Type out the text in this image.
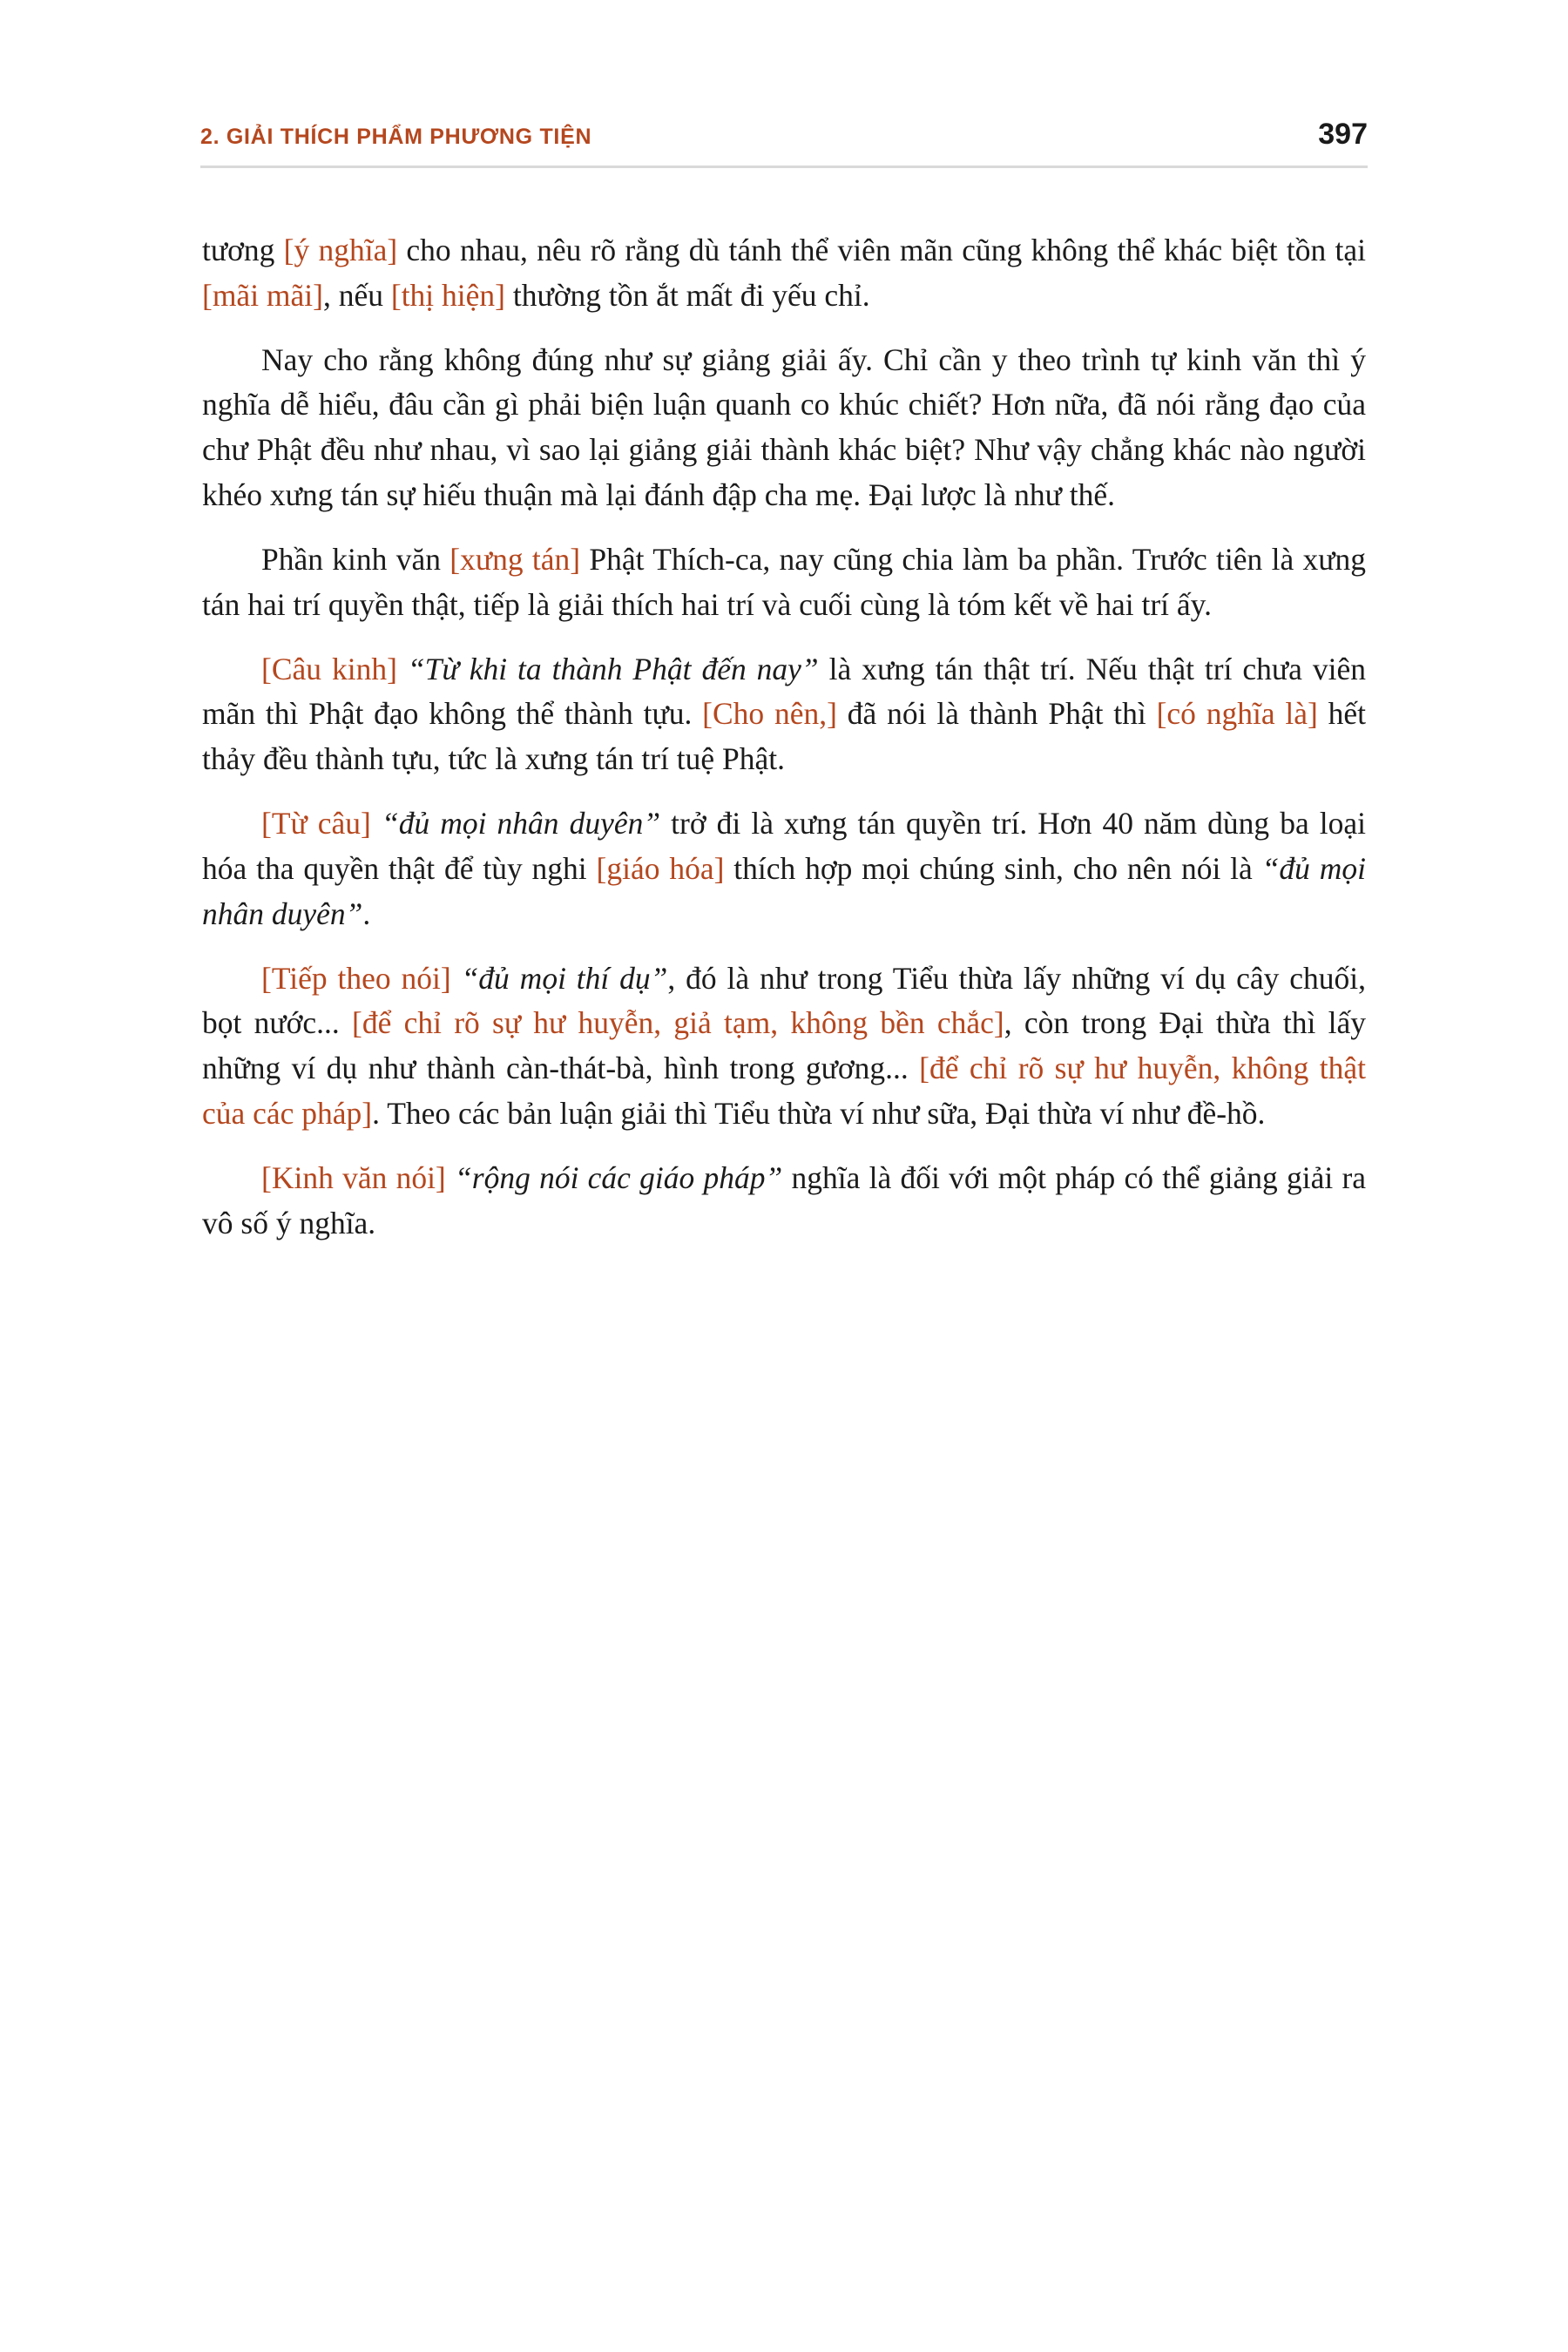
2. GIẢI THÍCH PHẨM PHƯƠNG TIỆN	397

tương [ý nghĩa] cho nhau, nêu rõ rằng dù tánh thể viên mãn cũng không thể khác biệt tồn tại [mãi mãi], nếu [thị hiện] thường tồn ắt mất đi yếu chỉ.

Nay cho rằng không đúng như sự giảng giải ấy. Chỉ cần y theo trình tự kinh văn thì ý nghĩa dễ hiểu, đâu cần gì phải biện luận quanh co khúc chiết? Hơn nữa, đã nói rằng đạo của chư Phật đều như nhau, vì sao lại giảng giải thành khác biệt? Như vậy chẳng khác nào người khéo xưng tán sự hiếu thuận mà lại đánh đập cha mẹ. Đại lược là như thế.

Phần kinh văn [xưng tán] Phật Thích-ca, nay cũng chia làm ba phần. Trước tiên là xưng tán hai trí quyền thật, tiếp là giải thích hai trí và cuối cùng là tóm kết về hai trí ấy.

[Câu kinh] “Từ khi ta thành Phật đến nay” là xưng tán thật trí. Nếu thật trí chưa viên mãn thì Phật đạo không thể thành tựu. [Cho nên,] đã nói là thành Phật thì [có nghĩa là] hết thảy đều thành tựu, tức là xưng tán trí tuệ Phật.

[Từ câu] “đủ mọi nhân duyên” trở đi là xưng tán quyền trí. Hơn 40 năm dùng ba loại hóa tha quyền thật để tùy nghi [giáo hóa] thích hợp mọi chúng sinh, cho nên nói là “đủ mọi nhân duyên”.

[Tiếp theo nói] “đủ mọi thí dụ”, đó là như trong Tiểu thừa lấy những ví dụ cây chuối, bọt nước... [để chỉ rõ sự hư huyễn, giả tạm, không bền chắc], còn trong Đại thừa thì lấy những ví dụ như thành càn-thát-bà, hình trong gương... [để chỉ rõ sự hư huyễn, không thật của các pháp]. Theo các bản luận giải thì Tiểu thừa ví như sữa, Đại thừa ví như đề-hồ.

[Kinh văn nói] “rộng nói các giáo pháp” nghĩa là đối với một pháp có thể giảng giải ra vô số ý nghĩa.
